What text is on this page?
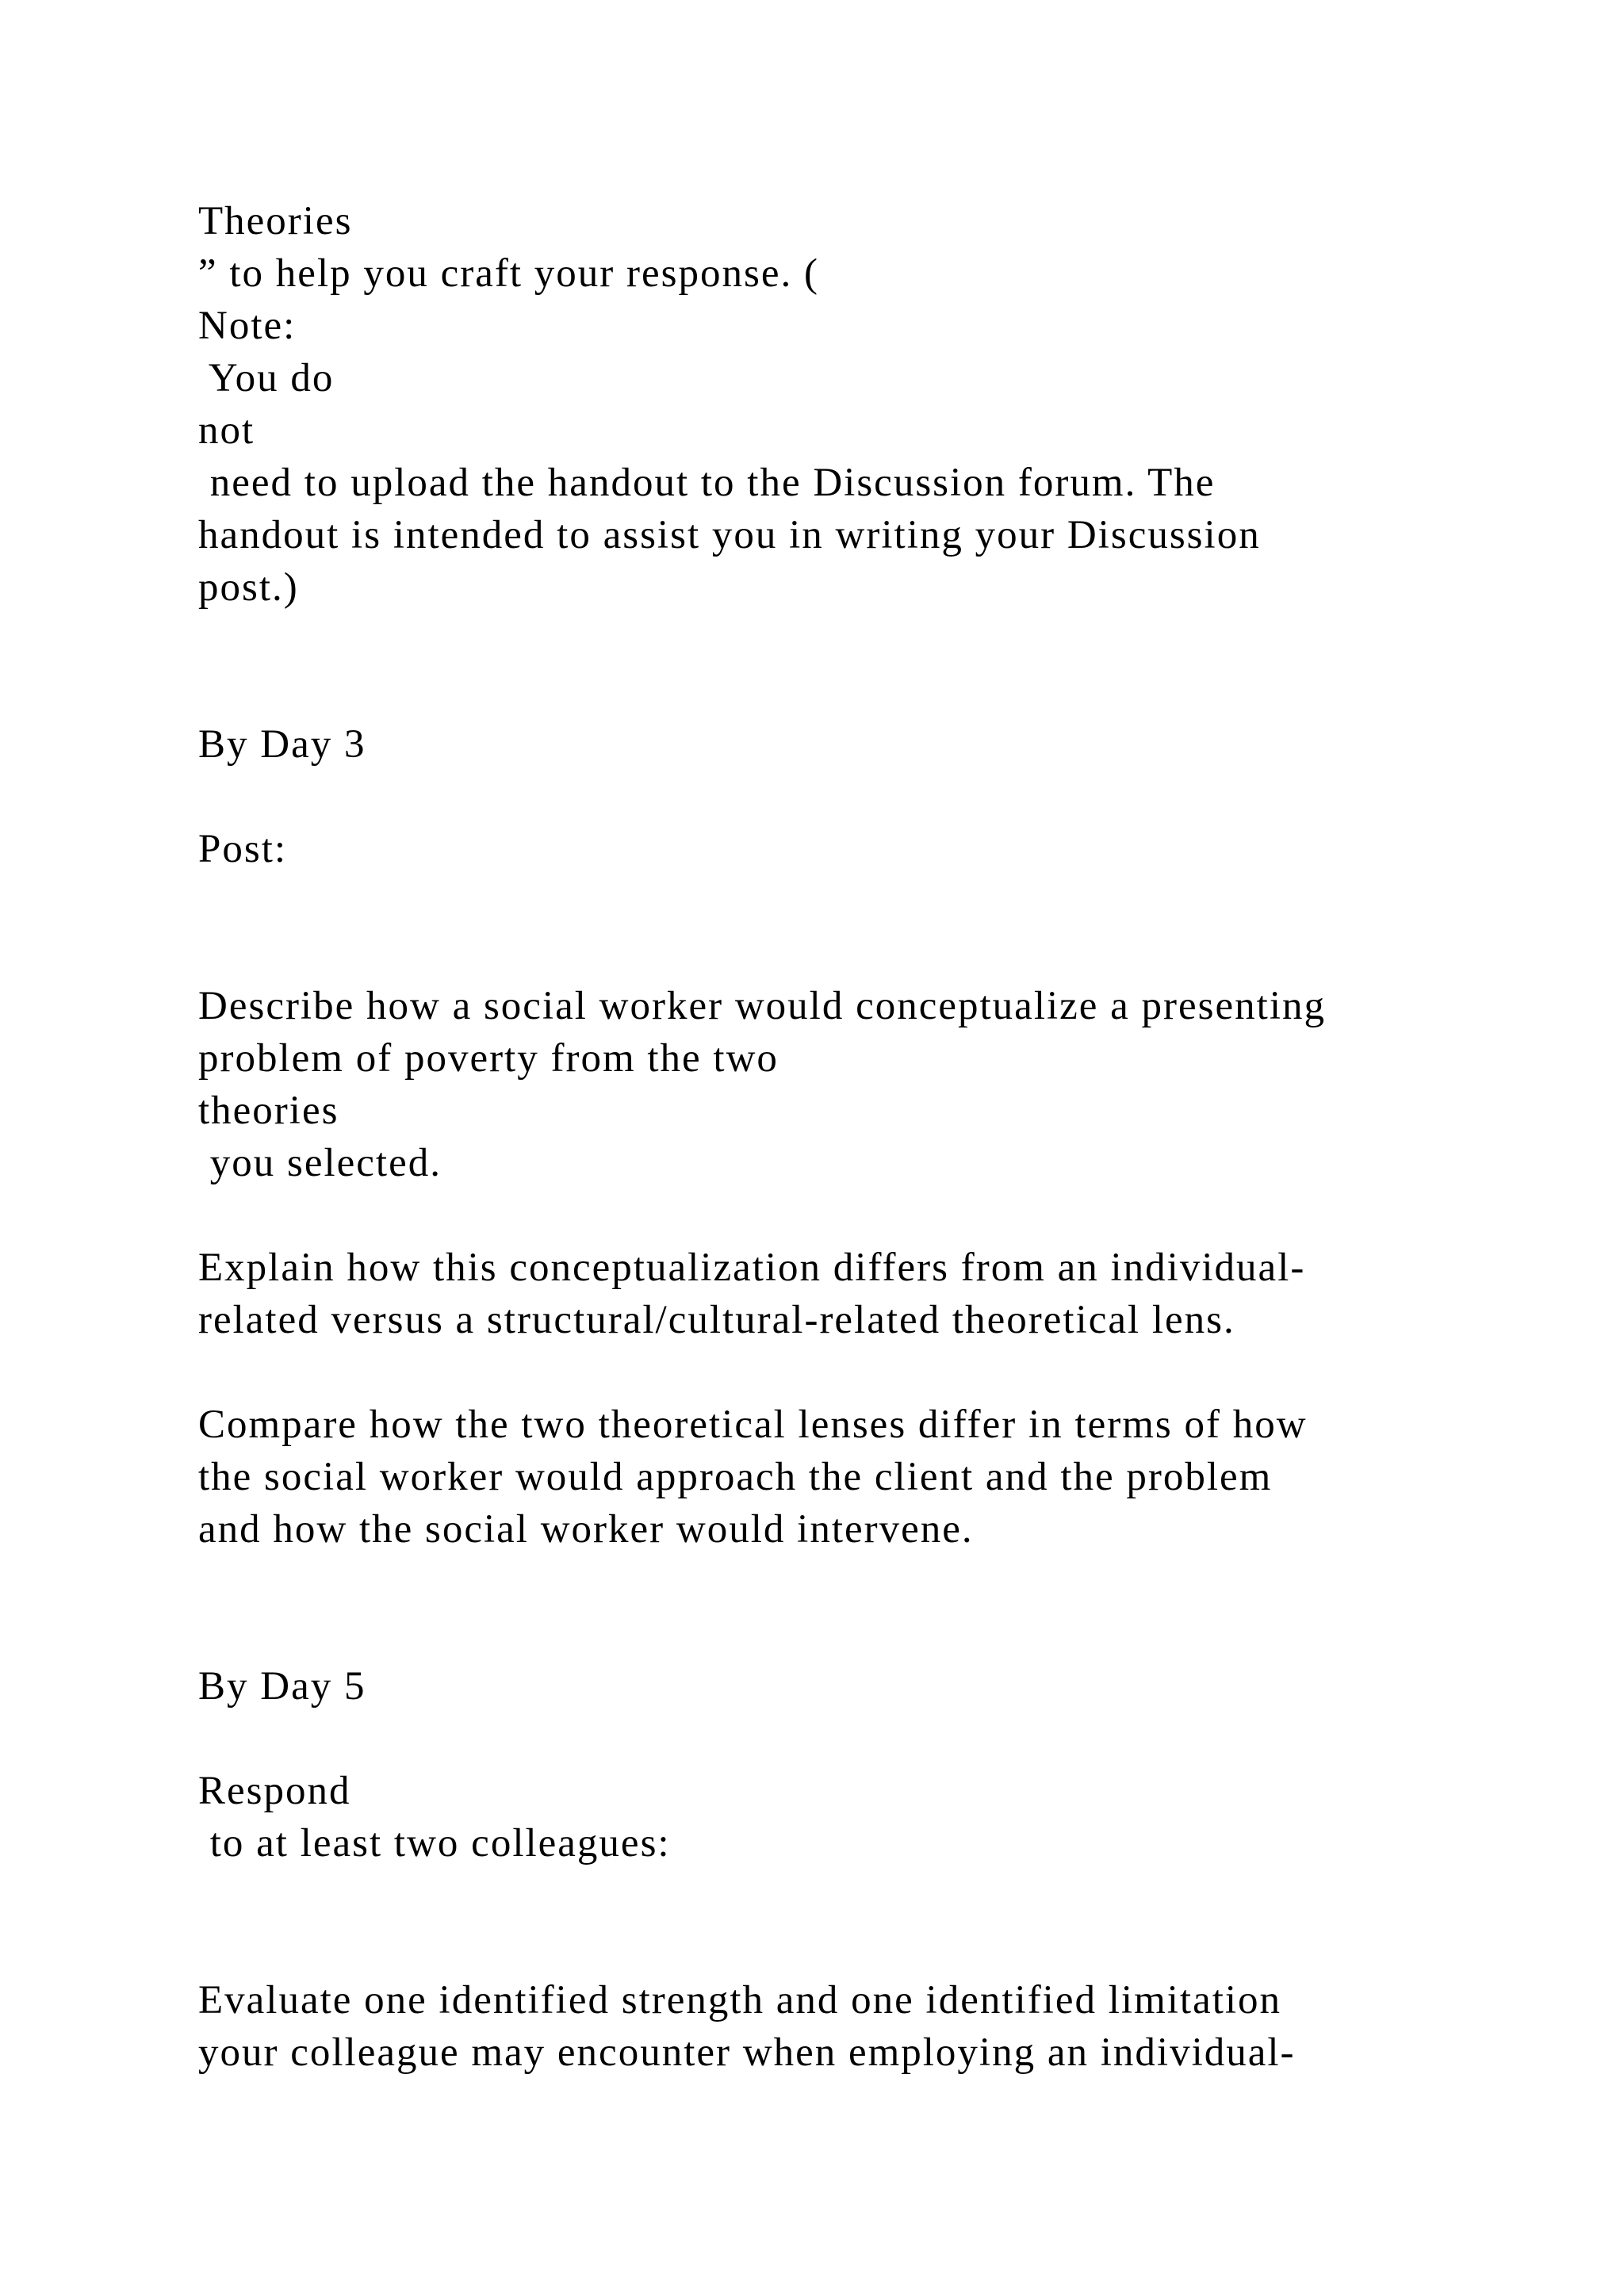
Theories
” to help you craft your response. (
Note:
You do
not
need to upload the handout to the Discussion forum. The
handout is intended to assist you in writing your Discussion
post.)
By Day 3
Post:
Describe how a social worker would conceptualize a presenting
problem of poverty from the two
theories
you selected.
Explain how this conceptualization differs from an individual-
related versus a structural/cultural-related theoretical lens.
Compare how the two theoretical lenses differ in terms of how
the social worker would approach the client and the problem
and how the social worker would intervene.
By Day 5
Respond
to at least two colleagues:
Evaluate one identified strength and one identified limitation
your colleague may encounter when employing an individual-
